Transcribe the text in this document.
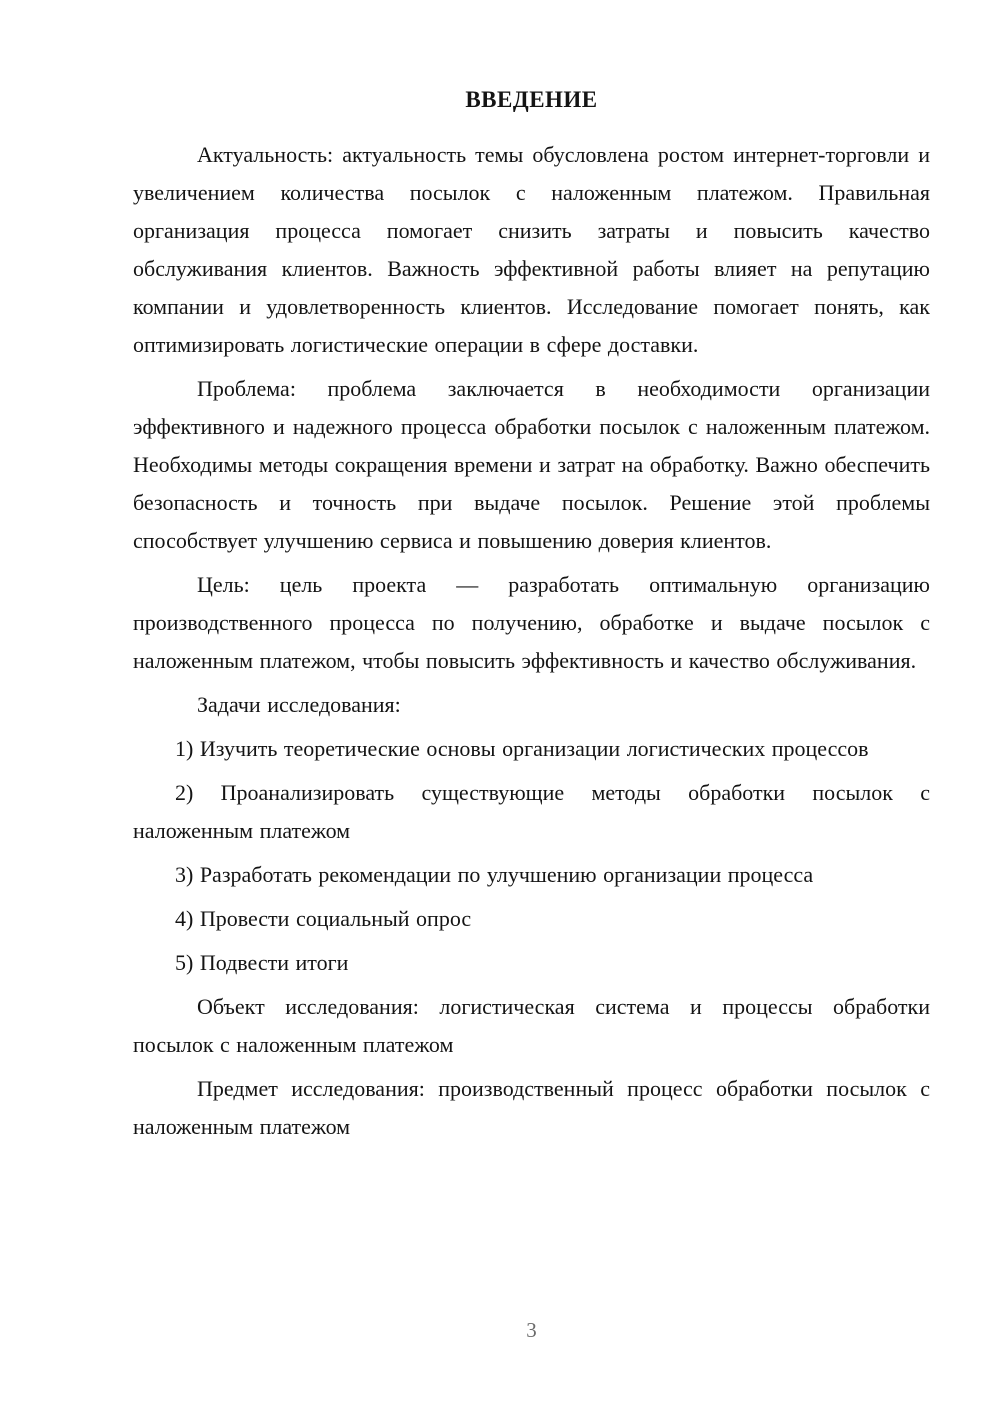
ВВЕДЕНИЕ

Актуальность: актуальность темы обусловлена ростом интернет-торговли и увеличением количества посылок с наложенным платежом. Правильная организация процесса помогает снизить затраты и повысить качество обслуживания клиентов. Важность эффективной работы влияет на репутацию компании и удовлетворенность клиентов. Исследование помогает понять, как оптимизировать логистические операции в сфере доставки.

Проблема: проблема заключается в необходимости организации эффективного и надежного процесса обработки посылок с наложенным платежом. Необходимы методы сокращения времени и затрат на обработку. Важно обеспечить безопасность и точность при выдаче посылок. Решение этой проблемы способствует улучшению сервиса и повышению доверия клиентов.

Цель: цель проекта — разработать оптимальную организацию производственного процесса по получению, обработке и выдаче посылок с наложенным платежом, чтобы повысить эффективность и качество обслуживания.

Задачи исследования:

1) Изучить теоретические основы организации логистических процессов

2) Проанализировать существующие методы обработки посылок с наложенным платежом

3) Разработать рекомендации по улучшению организации процесса

4) Провести социальный опрос

5) Подвести итоги

Объект исследования: логистическая система и процессы обработки посылок с наложенным платежом

Предмет исследования: производственный процесс обработки посылок с наложенным платежом

3
